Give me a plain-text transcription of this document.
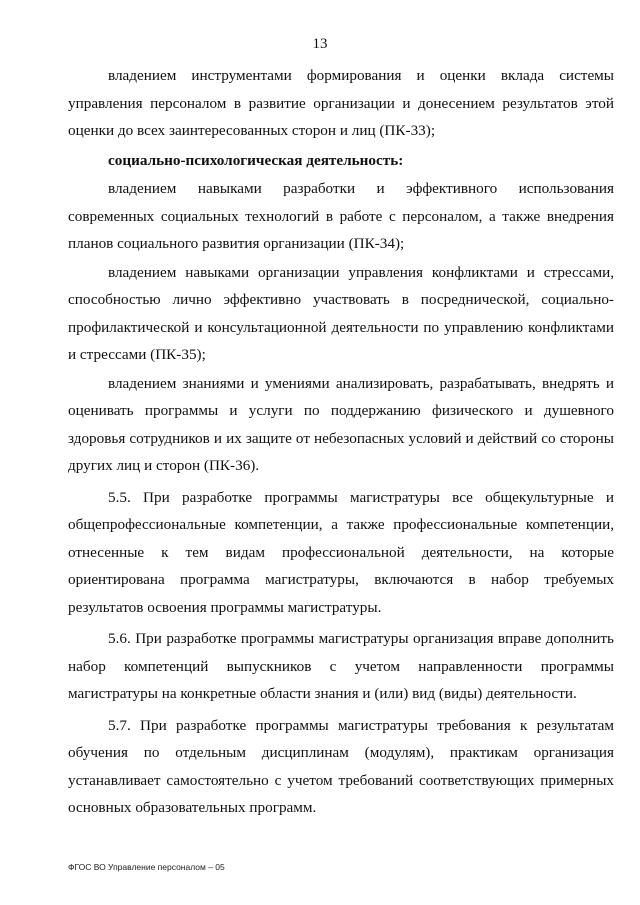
13

владением инструментами формирования и оценки вклада системы управления персоналом в развитие организации и донесением результатов этой оценки до всех заинтересованных сторон и лиц (ПК-33);

социально-психологическая деятельность:

владением навыками разработки и эффективного использования современных социальных технологий в работе с персоналом, а также внедрения планов социального развития организации (ПК-34);

владением навыками организации управления конфликтами и стрессами, способностью лично эффективно участвовать в посреднической, социально-профилактической и консультационной деятельности по управлению конфликтами и стрессами (ПК-35);

владением знаниями и умениями анализировать, разрабатывать, внедрять и оценивать программы и услуги по поддержанию физического и душевного здоровья сотрудников и их защите от небезопасных условий и действий со стороны других лиц и сторон (ПК-36).

5.5. При разработке программы магистратуры все общекультурные и общепрофессиональные компетенции, а также профессиональные компетенции, отнесенные к тем видам профессиональной деятельности, на которые ориентирована программа магистратуры, включаются в набор требуемых результатов освоения программы магистратуры.

5.6. При разработке программы магистратуры организация вправе дополнить набор компетенций выпускников с учетом направленности программы магистратуры на конкретные области знания и (или) вид (виды) деятельности.

5.7. При разработке программы магистратуры требования к результатам обучения по отдельным дисциплинам (модулям), практикам организация устанавливает самостоятельно с учетом требований соответствующих примерных основных образовательных программ.

ФГОС ВО Управление персоналом – 05
